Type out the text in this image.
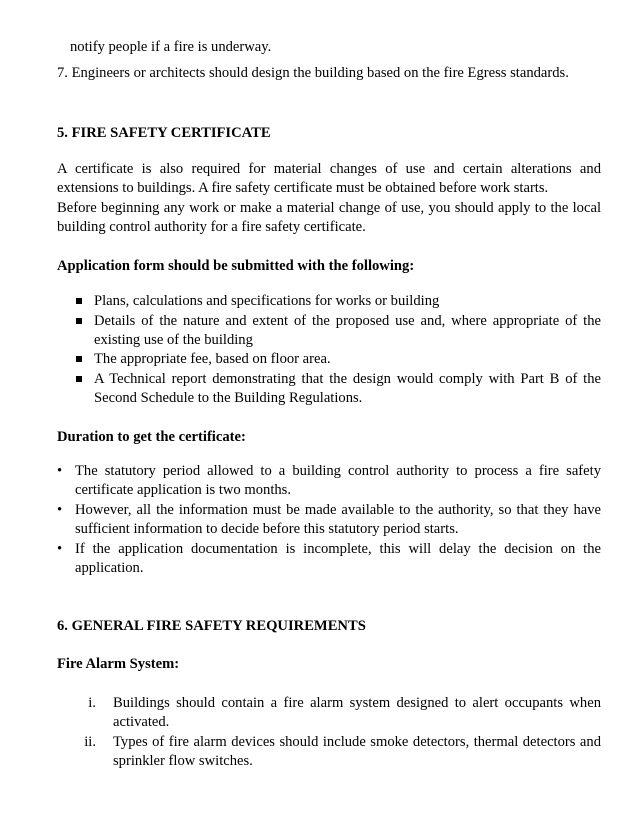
notify people if a fire is underway.
7. Engineers or architects should design the building based on the fire Egress standards.
5. FIRE SAFETY CERTIFICATE
A certificate is also required for material changes of use and certain alterations and extensions to buildings. A fire safety certificate must be obtained before work starts.
Before beginning any work or make a material change of use, you should apply to the local building control authority for a fire safety certificate.
Application form should be submitted with the following:
Plans, calculations and specifications for works or building
Details of the nature and extent of the proposed use and, where appropriate of the existing use of the building
The appropriate fee, based on floor area.
A Technical report demonstrating that the design would comply with Part B of the Second Schedule to the Building Regulations.
Duration to get the certificate:
• The statutory period allowed to a building control authority to process a fire safety certificate application is two months.
• However, all the information must be made available to the authority, so that they have sufficient information to decide before this statutory period starts.
• If the application documentation is incomplete, this will delay the decision on the application.
6. GENERAL FIRE SAFETY REQUIREMENTS
Fire Alarm System:
i. Buildings should contain a fire alarm system designed to alert occupants when activated.
ii. Types of fire alarm devices should include smoke detectors, thermal detectors and sprinkler flow switches.
